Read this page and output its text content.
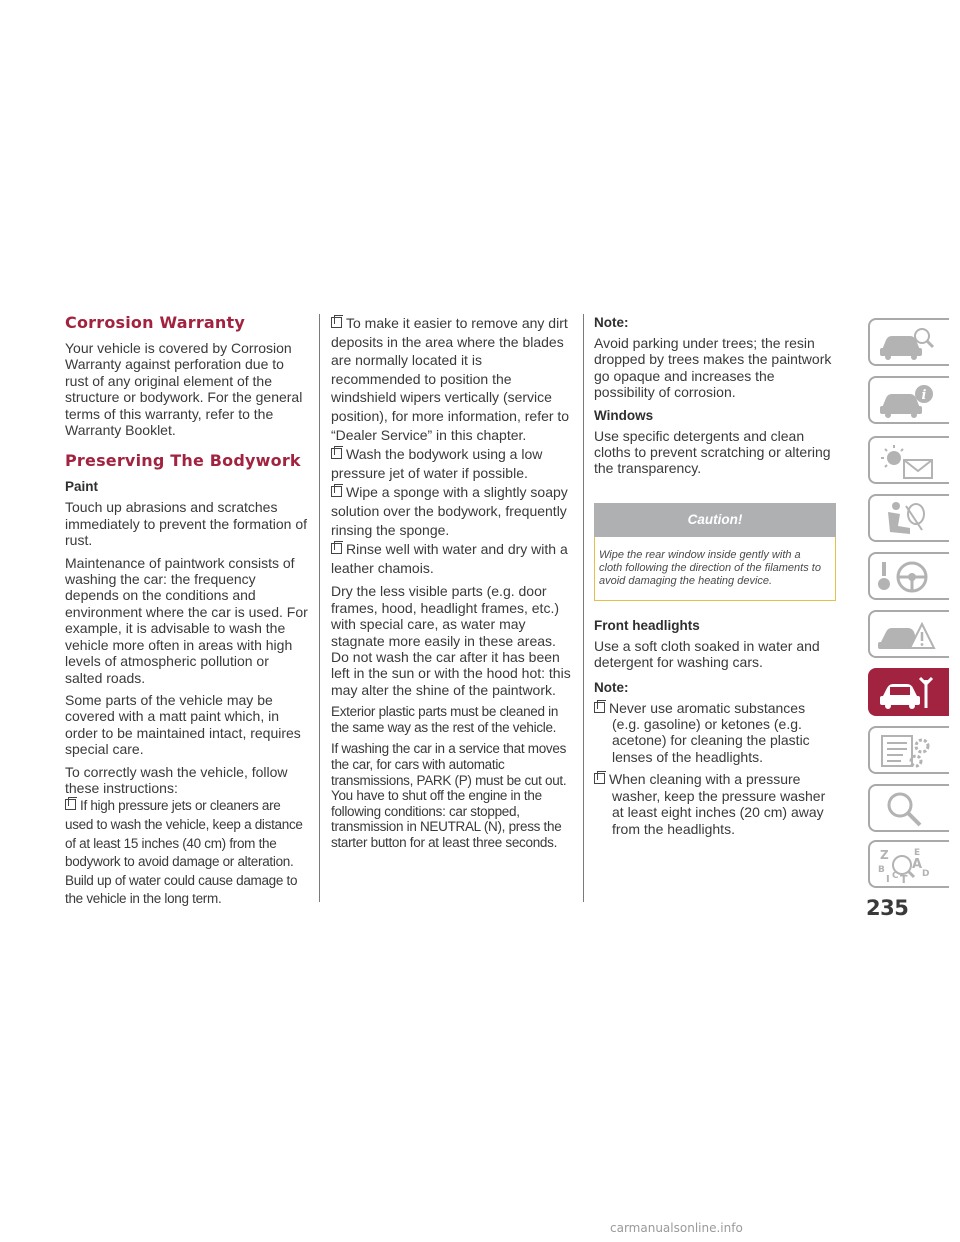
Corrosion Warranty

Your vehicle is covered by Corrosion Warranty against perforation due to rust of any original element of the structure or bodywork. For the general terms of this warranty, refer to the Warranty Booklet.

Preserving The Bodywork
Paint

Touch up abrasions and scratches immediately to prevent the formation of rust.

Maintenance of paintwork consists of washing the car: the frequency depends on the conditions and environment where the car is used. For example, it is advisable to wash the vehicle more often in areas with high levels of atmospheric pollution or salted roads.

Some parts of the vehicle may be covered with a matt paint which, in order to be maintained intact, requires special care.

To correctly wash the vehicle, follow these instructions:

If high pressure jets or cleaners are used to wash the vehicle, keep a distance of at least 15 inches (40 cm) from the bodywork to avoid damage or alteration. Build up of water could cause damage to the vehicle in the long term.
To make it easier to remove any dirt deposits in the area where the blades are normally located it is recommended to position the windshield wipers vertically (service position), for more information, refer to “Dealer Service” in this chapter.
Wash the bodywork using a low pressure jet of water if possible.
Wipe a sponge with a slightly soapy solution over the bodywork, frequently rinsing the sponge.
Rinse well with water and dry with a leather chamois.

Dry the less visible parts (e.g. door frames, hood, headlight frames, etc.) with special care, as water may stagnate more easily in these areas. Do not wash the car after it has been left in the sun or with the hood hot: this may alter the shine of the paintwork.

Exterior plastic parts must be cleaned in the same way as the rest of the vehicle.

If washing the car in a service that moves the car, for cars with automatic transmissions, PARK (P) must be cut out. You have to shut off the engine in the following conditions: car stopped, transmission in NEUTRAL (N), press the starter button for at least three seconds.

Note:

Avoid parking under trees; the resin dropped by trees makes the paintwork go opaque and increases the possibility of corrosion.

Windows

Use specific detergents and clean cloths to prevent scratching or altering the transparency.

Caution!
Wipe the rear window inside gently with a cloth following the direction of the filaments to avoid damaging the heating device.
Front headlights

Use a soft cloth soaked in water and detergent for washing cars.

Note:
Never use aromatic substances (e.g. gasoline) or ketones (e.g. acetone) for cleaning the plastic lenses of the headlights.
When cleaning with a pressure washer, keep the pressure washer at least eight inches (20 cm) away from the headlights.
i
Z	E
A
B
I C T D
235
carmanualsonline.info
